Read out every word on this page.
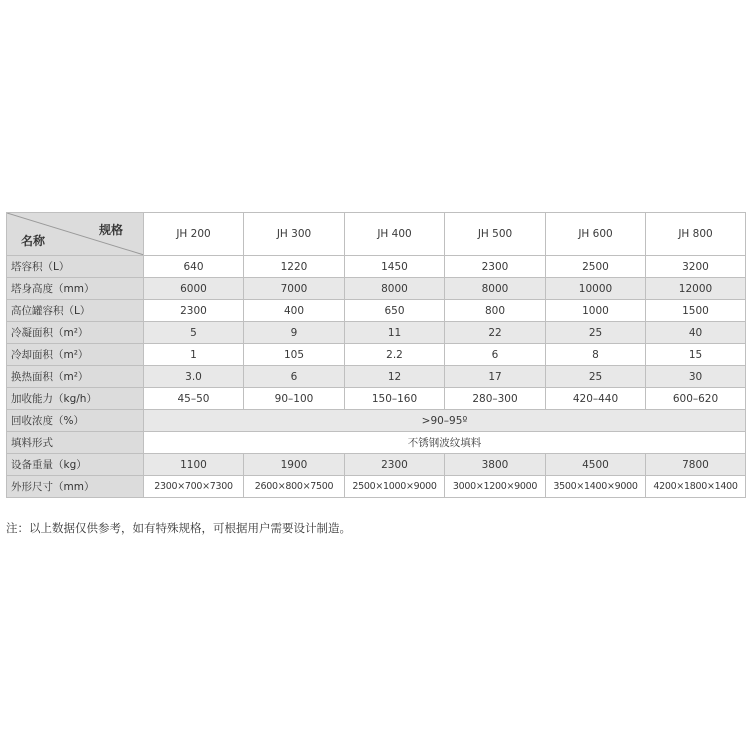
规格
名称	JH 200	JH 300	JH 400	JH 500	JH 600	JH 800
塔容积（L）	640	1220	1450	2300	2500	3200
塔身高度（mm）	6000	7000	8000	8000	10000	12000
高位罐容积（L）	2300	400	650	800	1000	1500
冷凝面积（m²）	5	9	11	22	25	40
冷却面积（m²）	1	105	2.2	6	8	15
换热面积（m²）	3.0	6	12	17	25	30
加收能力（kg/h）	45–50	90–100	150–160	280–300	420–440	600–620
回收浓度（%）	>90–95º					
填料形式	不锈钢波纹填料					
设备重量（kg）	1100	1900	2300	3800	4500	7800
外形尺寸（mm）	2300×700×7300	2600×800×7500	2500×1000×9000	3000×1200×9000	3500×1400×9000	4200×1800×1400
注：以上数据仅供参考，如有特殊规格，可根据用户需要设计制造。
